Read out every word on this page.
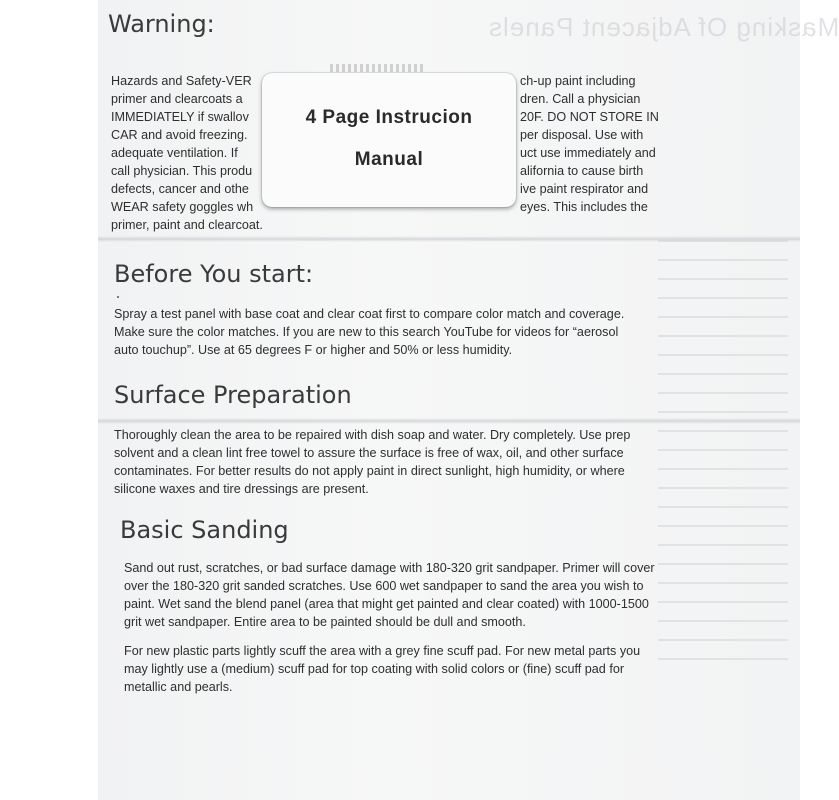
Masking Of Adjacent Panels
Warning:
Hazards and Safety-VER
primer and clearcoats a
IMMEDIATELY if swallov
CAR and avoid freezing.
adequate ventilation. If
call physician. This produ
defects, cancer and othe
WEAR safety goggles wh
primer, paint and clearcoat.
ch-up paint including
dren. Call a physician
20F. DO NOT STORE IN
per disposal. Use with
uct use immediately and
alifornia to cause birth
ive paint respirator and
eyes. This includes the
4 Page Instrucion
Manual
Before You start:
Spray a test panel with base coat and clear coat first to compare color match and coverage.
Make sure the color matches. If you are new to this search YouTube for videos for “aerosol
auto touchup”. Use at 65 degrees F or higher and 50% or less humidity.
Surface Preparation
Thoroughly clean the area to be repaired with dish soap and water. Dry completely. Use prep
solvent and a clean lint free towel to assure the surface is free of wax, oil, and other surface
contaminates. For better results do not apply paint in direct sunlight, high humidity, or where
silicone waxes and tire dressings are present.
Basic Sanding
Sand out rust, scratches, or bad surface damage with 180-320 grit sandpaper. Primer will cover
over the 180-320 grit sanded scratches. Use 600 wet sandpaper to sand the area you wish to
paint. Wet sand the blend panel (area that might get painted and clear coated) with 1000-1500
grit wet sandpaper. Entire area to be painted should be dull and smooth.
For new plastic parts lightly scuff the area with a grey fine scuff pad. For new metal parts you
may lightly use a (medium) scuff pad for top coating with solid colors or (fine) scuff pad for
metallic and pearls.
